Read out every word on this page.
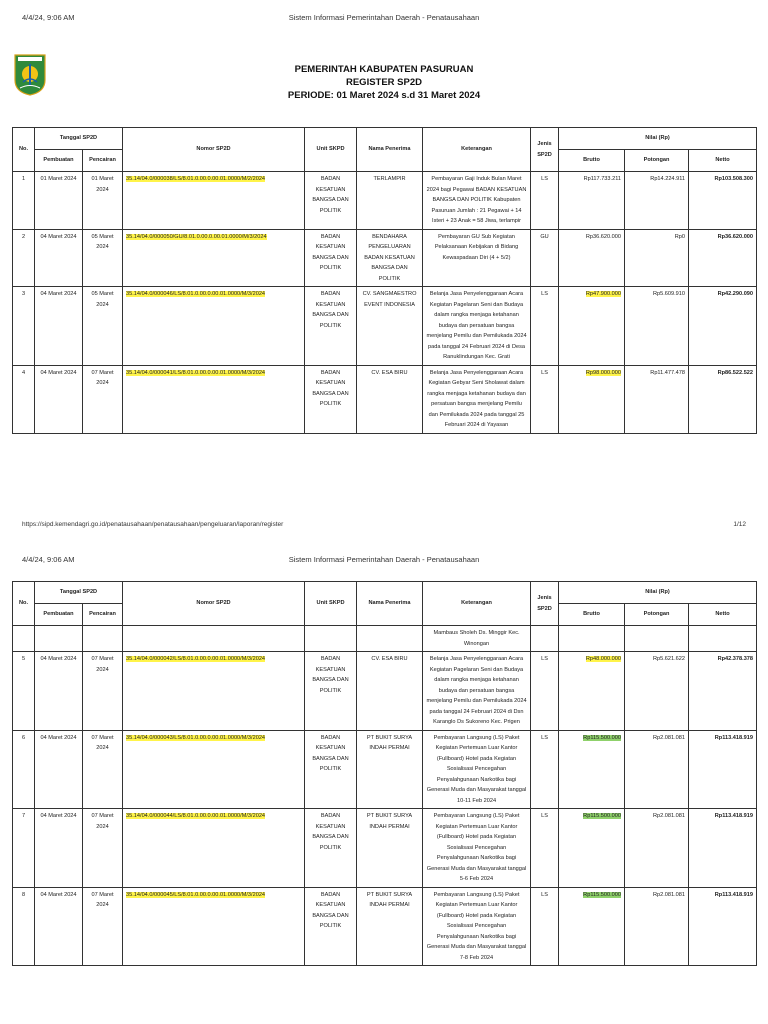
4/4/24, 9:06 AM	Sistem Informasi Pemerintahan Daerah - Penatausahaan
PEMERINTAH KABUPATEN PASURUAN
REGISTER SP2D
PERIODE: 01 Maret 2024 s.d 31 Maret 2024
No.	Tanggal SP2D		Nomor SP2D	Unit SKPD	Nama Penerima	Keterangan	Jenis SP2D	Nilai (Rp)		
	Pembuatan	Pencairan						Brutto	Potongan	Netto
1	01 Maret 2024	01 Maret 2024	35.14/04.0/000038/LS/8.01.0.00.0.00.01.0000/M/2/2024	BADAN KESATUAN BANGSA DAN POLITIK	TERLAMPIR	Pembayaran Gaji Induk Bulan Maret 2024 bagi Pegawai BADAN KESATUAN BANGSA DAN POLITIK Kabupaten Pasuruan Jumlah : 21 Pegawai + 14 Isteri + 23 Anak = 58 Jiwa, terlampir	LS	Rp117.733.211	Rp14.224.911	Rp103.508.300
2	04 Maret 2024	05 Maret 2024	35.14/04.0/000050/GU/8.01.0.00.0.00.01.0000/M/3/2024	BADAN KESATUAN BANGSA DAN POLITIK	BENDAHARA PENGELUARAN BADAN KESATUAN BANGSA DAN POLITIK	Pembayaran GU Sub Kegiatan Pelaksanaan Kebijakan di Bidang Kewaspadaan Diri (4 + 5/2)	GU	Rp36.620.000	Rp0	Rp36.620.000
3	04 Maret 2024	05 Maret 2024	35.14/04.0/000046/LS/8.01.0.00.0.00.01.0000/M/3/2024	BADAN KESATUAN BANGSA DAN POLITIK	CV. SANGMAESTRO EVENT INDONESIA	Belanja Jasa Penyelenggaraan Acara Kegiatan Pagelaran Seni dan Budaya dalam rangka menjaga ketahanan budaya dan persatuan bangsa menjelang Pemilu dan Pemilukada 2024 pada tanggal 24 Februari 2024 di Desa Ranuklindungan Kec. Grati	LS	Rp47.900.000	Rp5.609.910	Rp42.290.090
4	04 Maret 2024	07 Maret 2024	35.14/04.0/000041/LS/8.01.0.00.0.00.01.0000/M/3/2024	BADAN KESATUAN BANGSA DAN POLITIK	CV. ESA BIRU	Belanja Jasa Penyelenggaraan Acara Kegiatan Gebyar Seni Sholawat dalam rangka menjaga ketahanan budaya dan persatuan bangsa menjelang Pemilu dan Pemilukada 2024 pada tanggal 25 Februari 2024 di Yayasan	LS	Rp98.000.000	Rp11.477.478	Rp86.522.522
https://sipd.kemendagri.go.id/penatausahaan/penatausahaan/pengeluaran/laporan/register	1/12
4/4/24, 9:06 AM	Sistem Informasi Pemerintahan Daerah - Penatausahaan
No.	Tanggal SP2D		Nomor SP2D	Unit SKPD	Nama Penerima	Keterangan	Jenis SP2D	Nilai (Rp)		
	Pembuatan	Pencairan						Brutto	Potongan	Netto
						Mambaus Sholeh Ds. Minggir Kec. Winongan				
5	04 Maret 2024	07 Maret 2024	35.14/04.0/000042/LS/8.01.0.00.0.00.01.0000/M/3/2024	BADAN KESATUAN BANGSA DAN POLITIK	CV. ESA BIRU	Belanja Jasa Penyelenggaraan Acara Kegiatan Pagelaran Seni dan Budaya dalam rangka menjaga ketahanan budaya dan persatuan bangsa menjelang Pemilu dan Pemilukada 2024 pada tanggal 24 Februari 2024 di Dsn Karanglo Ds Sukoreno Kec. Prigen	LS	Rp48.000.000	Rp5.621.622	Rp42.378.378
6	04 Maret 2024	07 Maret 2024	35.14/04.0/000043/LS/8.01.0.00.0.00.01.0000/M/3/2024	BADAN KESATUAN BANGSA DAN POLITIK	PT BUKIT SURYA INDAH PERMAI	Pembayaran Langsung (LS) Paket Kegiatan Pertemuan Luar Kantor (Fullboard) Hotel pada Kegiatan Sosialisasi Pencegahan Penyalahgunaan Narkotika bagi Generasi Muda dan Masyarakat tanggal 10-11 Feb 2024	LS	Rp115.500.000	Rp2.081.081	Rp113.418.919
7	04 Maret 2024	07 Maret 2024	35.14/04.0/000044/LS/8.01.0.00.0.00.01.0000/M/3/2024	BADAN KESATUAN BANGSA DAN POLITIK	PT BUKIT SURYA INDAH PERMAI	Pembayaran Langsung (LS) Paket Kegiatan Pertemuan Luar Kantor (Fullboard) Hotel pada Kegiatan Sosialisasi Pencegahan Penyalahgunaan Narkotika bagi Generasi Muda dan Masyarakat tanggal 5-6 Feb 2024	LS	Rp115.500.000	Rp2.081.081	Rp113.418.919
8	04 Maret 2024	07 Maret 2024	35.14/04.0/000045/LS/8.01.0.00.0.00.01.0000/M/3/2024	BADAN KESATUAN BANGSA DAN POLITIK	PT BUKIT SURYA INDAH PERMAI	Pembayaran Langsung (LS) Paket Kegiatan Pertemuan Luar Kantor (Fullboard) Hotel pada Kegiatan Sosialisasi Pencegahan Penyalahgunaan Narkotika bagi Generasi Muda dan Masyarakat tanggal 7-8 Feb 2024	LS	Rp115.500.000	Rp2.081.081	Rp113.418.919
